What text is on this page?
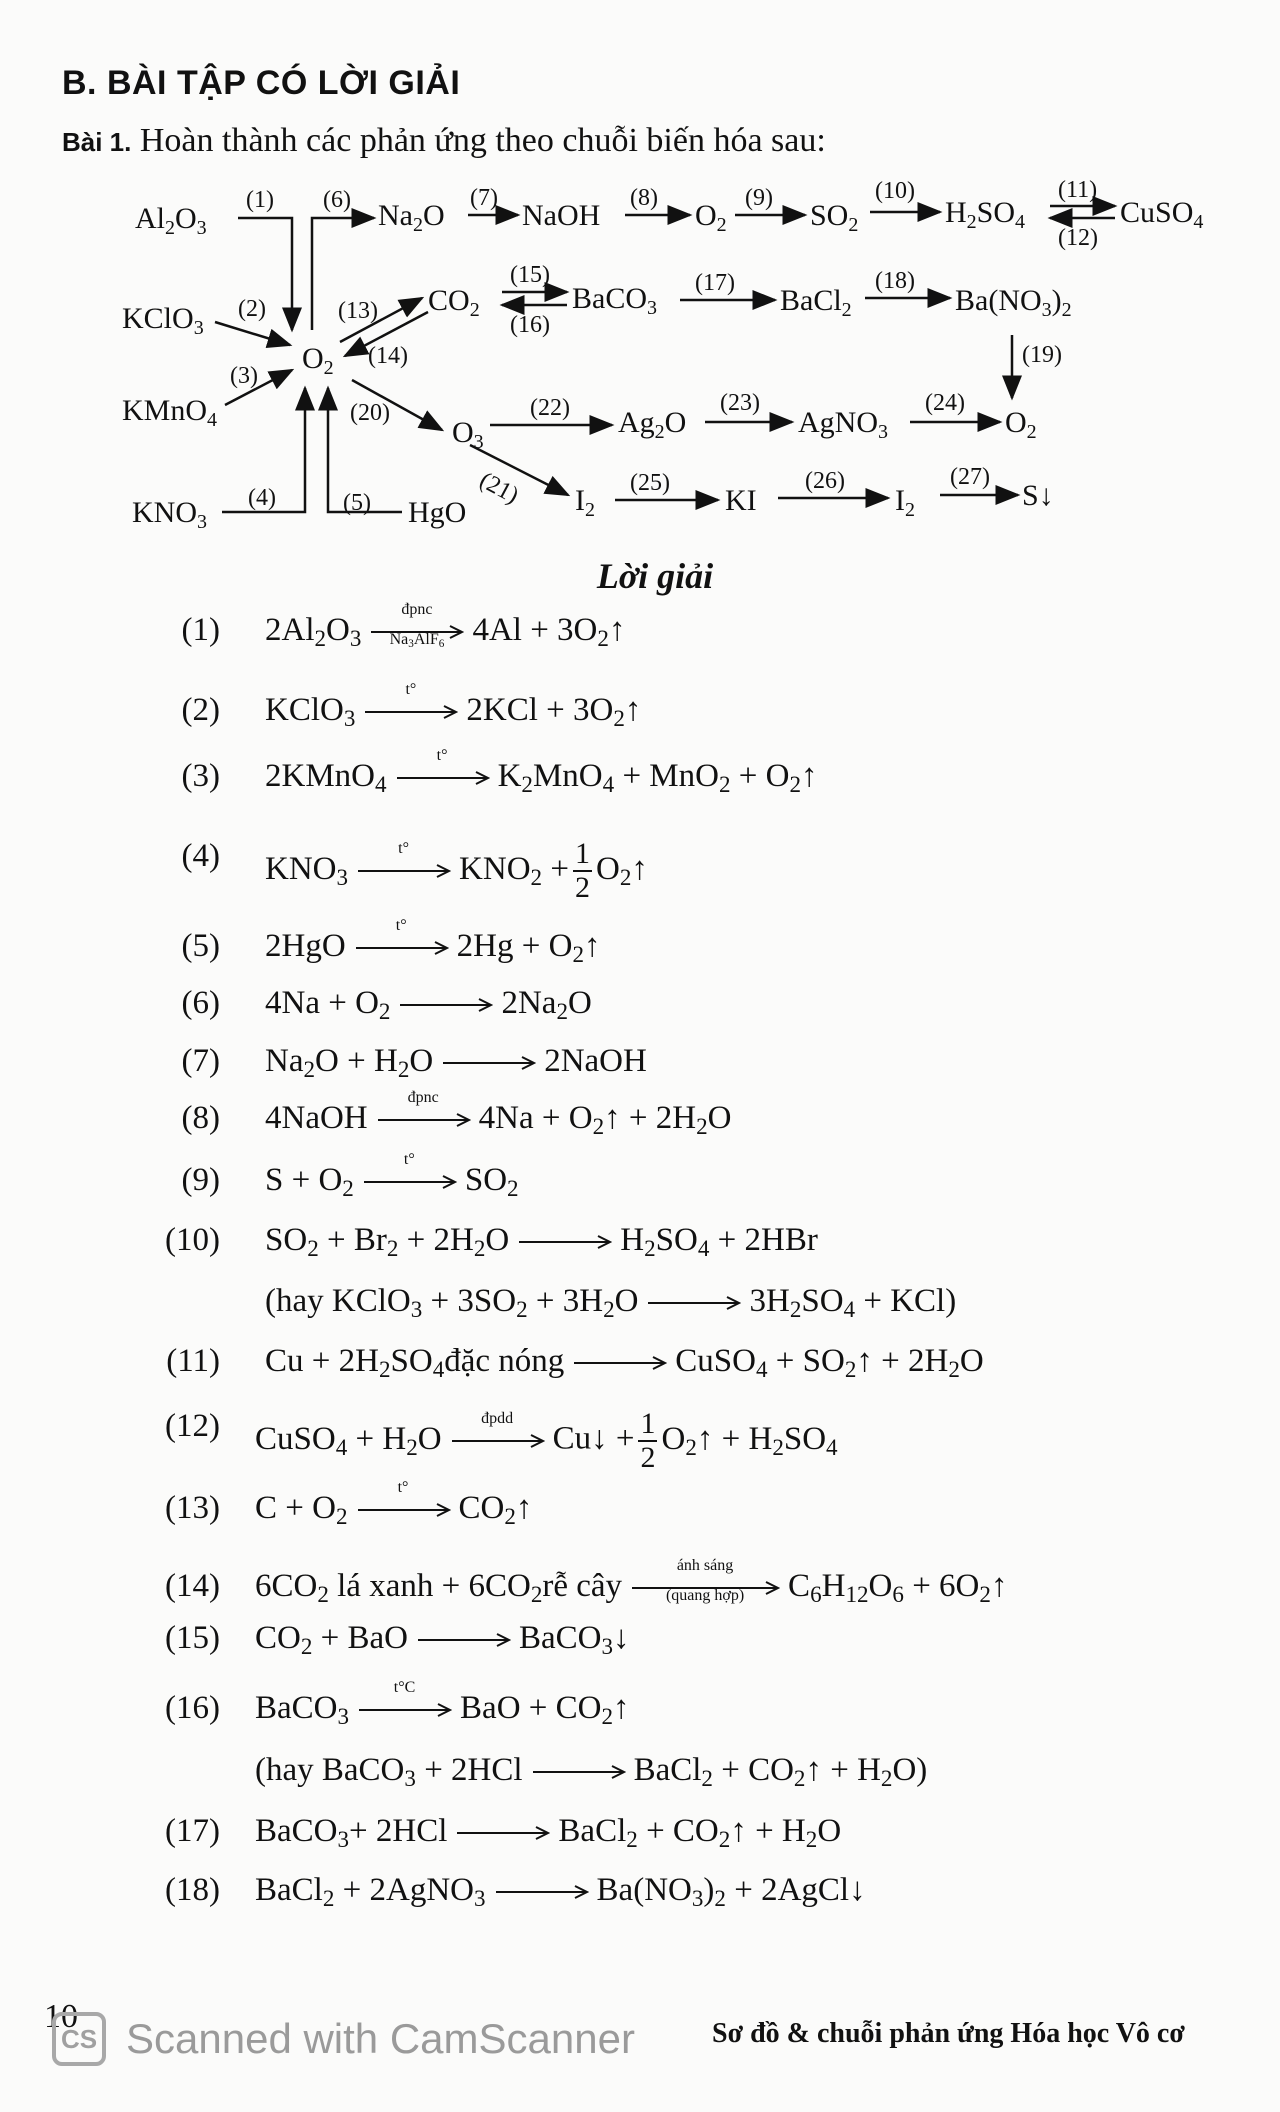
B. BÀI TẬP CÓ LỜI GIẢI
Bài 1. Hoàn thành các phản ứng theo chuỗi biến hóa sau:
$Al_2O_3$
KClO$_3$
KMnO$_4$
$KNO_3$
$O_2$
$Na_2O$	NaOH	$O_2$	$SO_2$	$H_2SO_4$	CuSO$_4$
$CO_2$	BaCO$_3$	BaCl$_2$	$Ba(NO_3)_2$
$O_3$
$Ag_2O$	AgNO$_3$	$O_2$
HgO	$I_2$	KI	$I_2$	S↓
(1) (6)	(7)	(8)	(9)	(10)	(11)
(12)
(2)	(13)
(14)
(15)
(16)
(17)	(18)
(19)
(3)
(20)	(22)	(23)	(24)
(21)	(25)	(26)	(27)
(4)	(5)
Lời giải
(1) $2Al_2O_3$
đpnc
$Na_3AlF_6$ $4Al + 3O_2↑$
(2) KClO$_3$
t°
$2KCl + 3O_2↑$
(3) 2KMnO$_4$
t°
$K_2MnO_4 + MnO_2$ + $O_2↑$
(4) $KNO_3$
t°
$KNO_2 + \frac{1}{2}$ $O_2↑$
(5) 2HgO
t°
$2Hg + O_2↑$
(6) $4Na + O_2 \to 2Na_2O$
(7) $Na_2O + H_2O$ → 2NaOH
(8) 4NaOH
đpnc
$4Na + O_2↑ + 2H_2O$
(9) $S + O_2$
t°
$SO_2$
(10) $SO_2 + Br_2 + 2H_2O \to H_2SO_4 + 2HBr$
(hay KClO$_3$ + $3SO_2 + 3H_2O \to 3H_2SO_4 + KCl$)
(11) $Cu + 2H_2SO_4đặc$ nóng → CuSO$_4$ + $SO_2↑ + 2H_2O$
(12) CuSO$_4$ + $H_2O$
đpdd
Cu↓ + $\frac{1}{2}$ $O_2↑ + H_2SO_4$
(13) $C + O_2$
t°
$CO_2↑$
(14) $6CO_2$ lá xanh + $6CO_2rễ$ cây
ánh sáng
(quang hợp)	$C_6H_{12}O_6$ + $6O_2↑$
(15) $CO_2$ + BaO → BaCO$_3$↓
(16) BaCO$_3$
t°C
BaO + $CO_2↑$
(hay BaCO$_3$ + 2HCl → BaCl$_2$ + $CO_2↑ + H_2O$)
(17) BaCO$_3$+ 2HCl → BaCl$_2$ + $CO_2↑ + H_2O$
(18) BaCl$_2$ + 2AgNO$_3$ → $Ba(NO_3)_2$ + 2AgCl↓
10
CS Scanned with CamScanner	Sơ đồ & chuỗi phản ứng Hóa học Vô cơ
